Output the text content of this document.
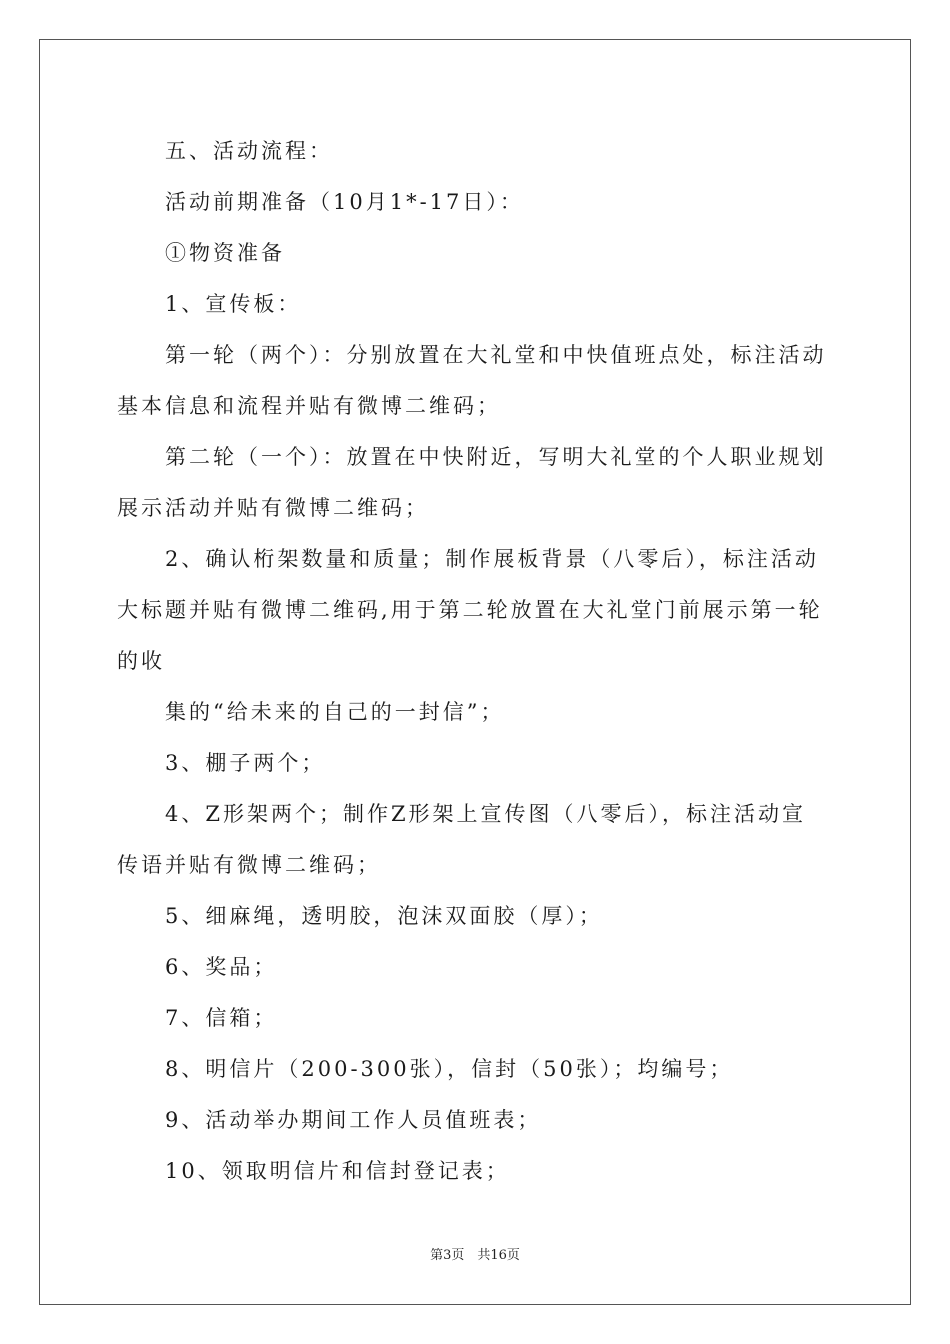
五、活动流程：
活动前期准备（10月1*-17日）：
①物资准备
1、宣传板：
第一轮（两个）：分别放置在大礼堂和中快值班点处，标注活动
基本信息和流程并贴有微博二维码；
第二轮（一个）：放置在中快附近，写明大礼堂的个人职业规划
展示活动并贴有微博二维码；
2、确认桁架数量和质量；制作展板背景（八零后），标注活动
大标题并贴有微博二维码,用于第二轮放置在大礼堂门前展示第一轮
的收
集的“给未来的自己的一封信”；
3、棚子两个；
4、Z形架两个；制作Z形架上宣传图（八零后），标注活动宣
传语并贴有微博二维码；
5、细麻绳，透明胶，泡沫双面胶（厚）；
6、奖品；
7、信箱；
8、明信片（200-300张），信封（50张）；均编号；
9、活动举办期间工作人员值班表；
10、领取明信片和信封登记表；
第3页　共16页
